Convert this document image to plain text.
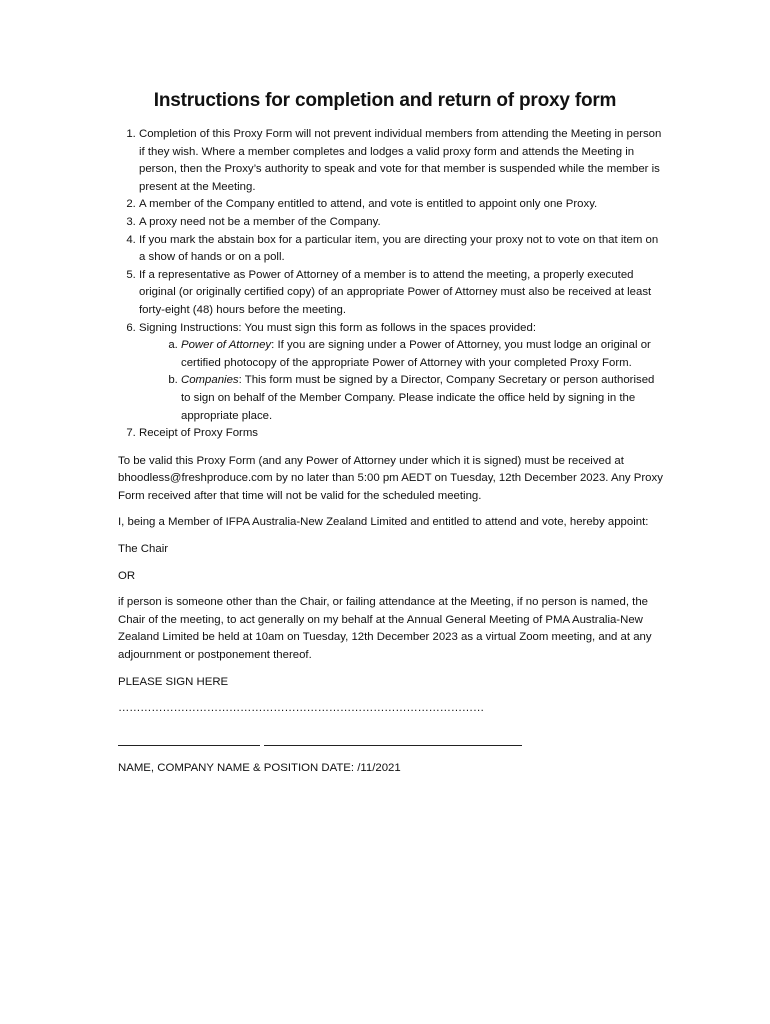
Instructions for completion and return of proxy form
1. Completion of this Proxy Form will not prevent individual members from attending the Meeting in person if they wish. Where a member completes and lodges a valid proxy form and attends the Meeting in person, then the Proxy’s authority to speak and vote for that member is suspended while the member is present at the Meeting.
2. A member of the Company entitled to attend, and vote is entitled to appoint only one Proxy.
3. A proxy need not be a member of the Company.
4. If you mark the abstain box for a particular item, you are directing your proxy not to vote on that item on a show of hands or on a poll.
5. If a representative as Power of Attorney of a member is to attend the meeting, a properly executed original (or originally certified copy) of an appropriate Power of Attorney must also be received at least forty-eight (48) hours before the meeting.
6. Signing Instructions: You must sign this form as follows in the spaces provided:
a. Power of Attorney: If you are signing under a Power of Attorney, you must lodge an original or certified photocopy of the appropriate Power of Attorney with your completed Proxy Form.
b. Companies: This form must be signed by a Director, Company Secretary or person authorised to sign on behalf of the Member Company. Please indicate the office held by signing in the appropriate place.
7. Receipt of Proxy Forms

To be valid this Proxy Form (and any Power of Attorney under which it is signed) must be received at bhoodless@freshproduce.com by no later than 5:00 pm AEDT on Tuesday, 12th December 2023. Any Proxy Form received after that time will not be valid for the scheduled meeting.

I, being a Member of IFPA Australia-New Zealand Limited and entitled to attend and vote, hereby appoint:

The Chair

OR

if person is someone other than the Chair, or failing attendance at the Meeting, if no person is named, the Chair of the meeting, to act generally on my behalf at the Annual General Meeting of PMA Australia-New Zealand Limited be held at 10am on Tuesday, 12th December 2023 as a virtual Zoom meeting, and at any adjournment or postponement thereof.

PLEASE SIGN HERE

………………………………………………………………………………………

NAME, COMPANY NAME & POSITION DATE: /11/2021
